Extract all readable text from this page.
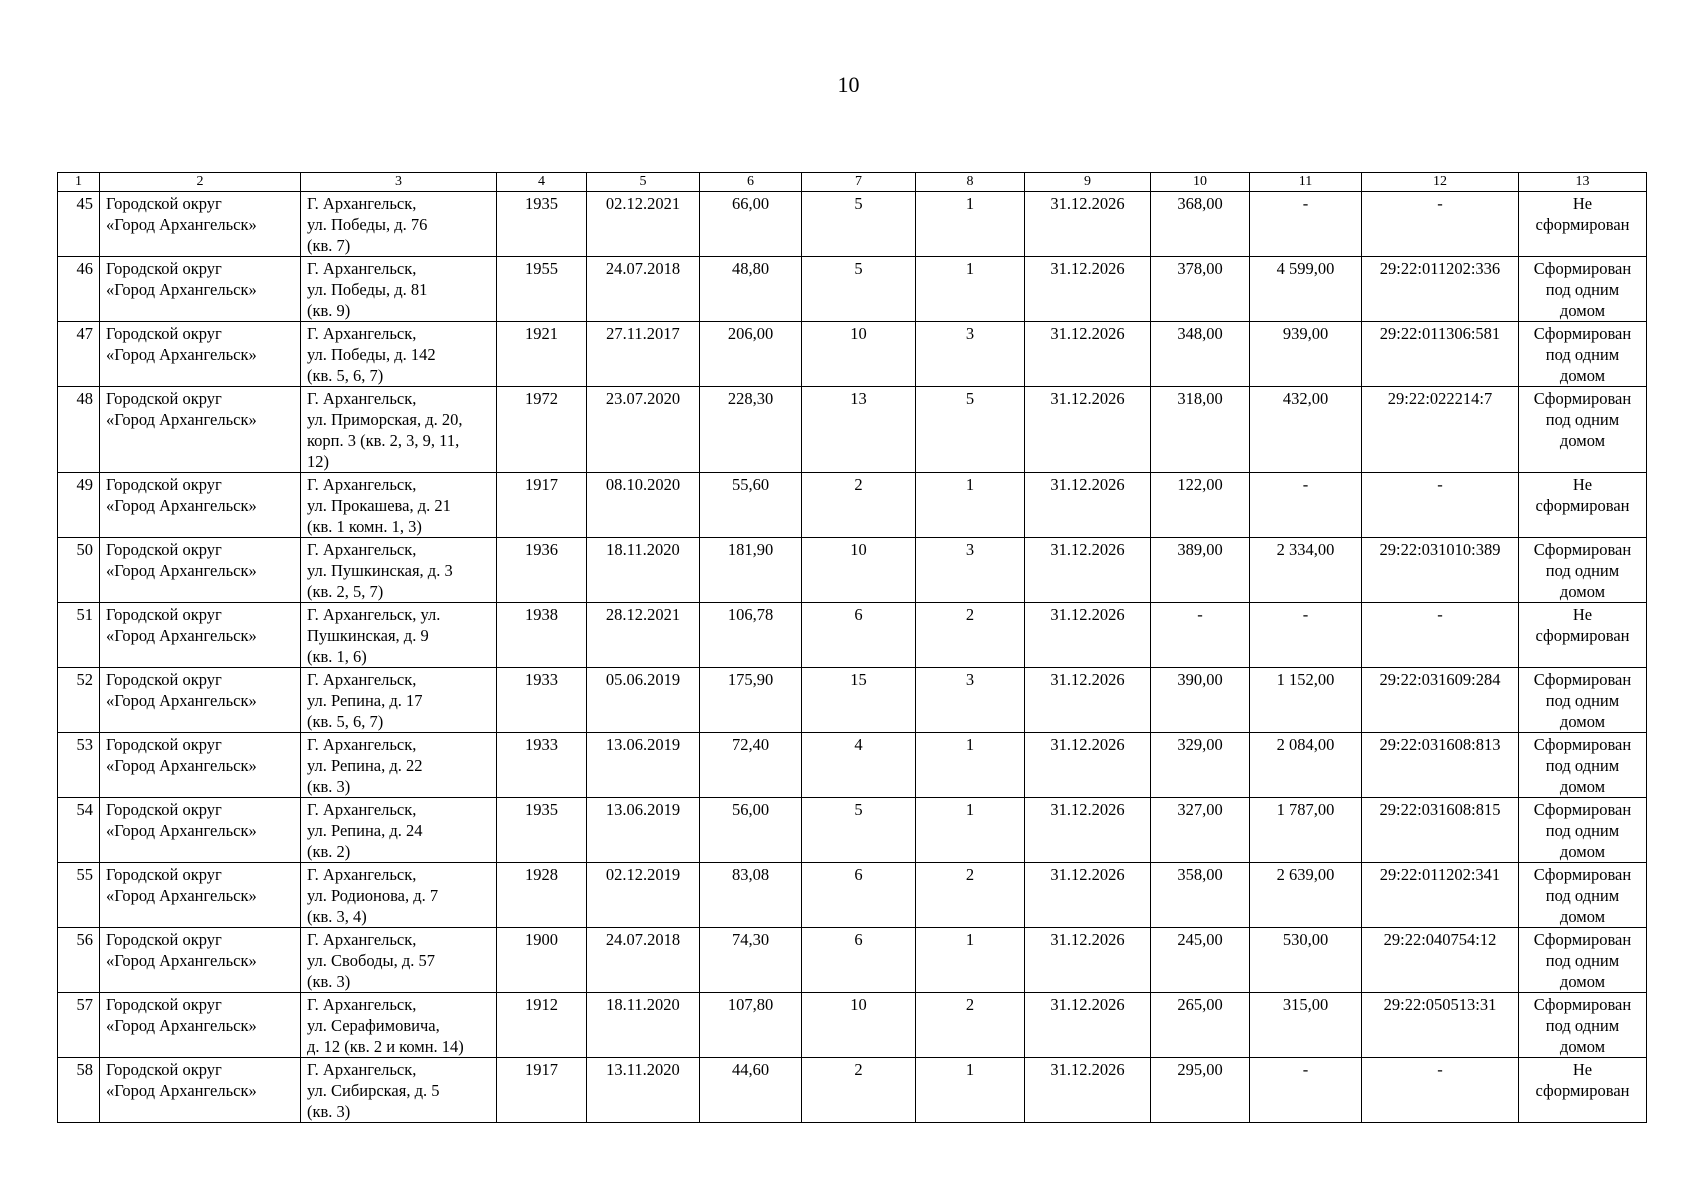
10
1	2	3	4	5	6	7	8	9	10	11	12	13
45	Городской округ
«Город Архангельск»	Г. Архангельск,
ул. Победы, д. 76
(кв. 7)	1935	02.12.2021	66,00	5	1	31.12.2026	368,00	-	-	Не
сформирован
46	Городской округ
«Город Архангельск»	Г. Архангельск,
ул. Победы, д. 81
(кв. 9)	1955	24.07.2018	48,80	5	1	31.12.2026	378,00	4 599,00	29:22:011202:336	Сформирован
под одним
домом
47	Городской округ
«Город Архангельск»	Г. Архангельск,
ул. Победы, д. 142
(кв. 5, 6, 7)	1921	27.11.2017	206,00	10	3	31.12.2026	348,00	939,00	29:22:011306:581	Сформирован
под одним
домом
48	Городской округ
«Город Архангельск»	Г. Архангельск,
ул. Приморская, д. 20,
корп. 3 (кв. 2, 3, 9, 11,
12)	1972	23.07.2020	228,30	13	5	31.12.2026	318,00	432,00	29:22:022214:7	Сформирован
под одним
домом
49	Городской округ
«Город Архангельск»	Г. Архангельск,
ул. Прокашева, д. 21
(кв. 1 комн. 1, 3)	1917	08.10.2020	55,60	2	1	31.12.2026	122,00	-	-	Не
сформирован
50	Городской округ
«Город Архангельск»	Г. Архангельск,
ул. Пушкинская, д. 3
(кв. 2, 5, 7)	1936	18.11.2020	181,90	10	3	31.12.2026	389,00	2 334,00	29:22:031010:389	Сформирован
под одним
домом
51	Городской округ
«Город Архангельск»	Г. Архангельск, ул.
Пушкинская, д. 9
(кв. 1, 6)	1938	28.12.2021	106,78	6	2	31.12.2026	-	-	-	Не
сформирован
52	Городской округ
«Город Архангельск»	Г. Архангельск,
ул. Репина, д. 17
(кв. 5, 6, 7)	1933	05.06.2019	175,90	15	3	31.12.2026	390,00	1 152,00	29:22:031609:284	Сформирован
под одним
домом
53	Городской округ
«Город Архангельск»	Г. Архангельск,
ул. Репина, д. 22
(кв. 3)	1933	13.06.2019	72,40	4	1	31.12.2026	329,00	2 084,00	29:22:031608:813	Сформирован
под одним
домом
54	Городской округ
«Город Архангельск»	Г. Архангельск,
ул. Репина, д. 24
(кв. 2)	1935	13.06.2019	56,00	5	1	31.12.2026	327,00	1 787,00	29:22:031608:815	Сформирован
под одним
домом
55	Городской округ
«Город Архангельск»	Г. Архангельск,
ул. Родионова, д. 7
(кв. 3, 4)	1928	02.12.2019	83,08	6	2	31.12.2026	358,00	2 639,00	29:22:011202:341	Сформирован
под одним
домом
56	Городской округ
«Город Архангельск»	Г. Архангельск,
ул. Свободы, д. 57
(кв. 3)	1900	24.07.2018	74,30	6	1	31.12.2026	245,00	530,00	29:22:040754:12	Сформирован
под одним
домом
57	Городской округ
«Город Архангельск»	Г. Архангельск,
ул. Серафимовича,
д. 12 (кв. 2 и комн. 14)	1912	18.11.2020	107,80	10	2	31.12.2026	265,00	315,00	29:22:050513:31	Сформирован
под одним
домом
58	Городской округ
«Город Архангельск»	Г. Архангельск,
ул. Сибирская, д. 5
(кв. 3)	1917	13.11.2020	44,60	2	1	31.12.2026	295,00	-	-	Не
сформирован
